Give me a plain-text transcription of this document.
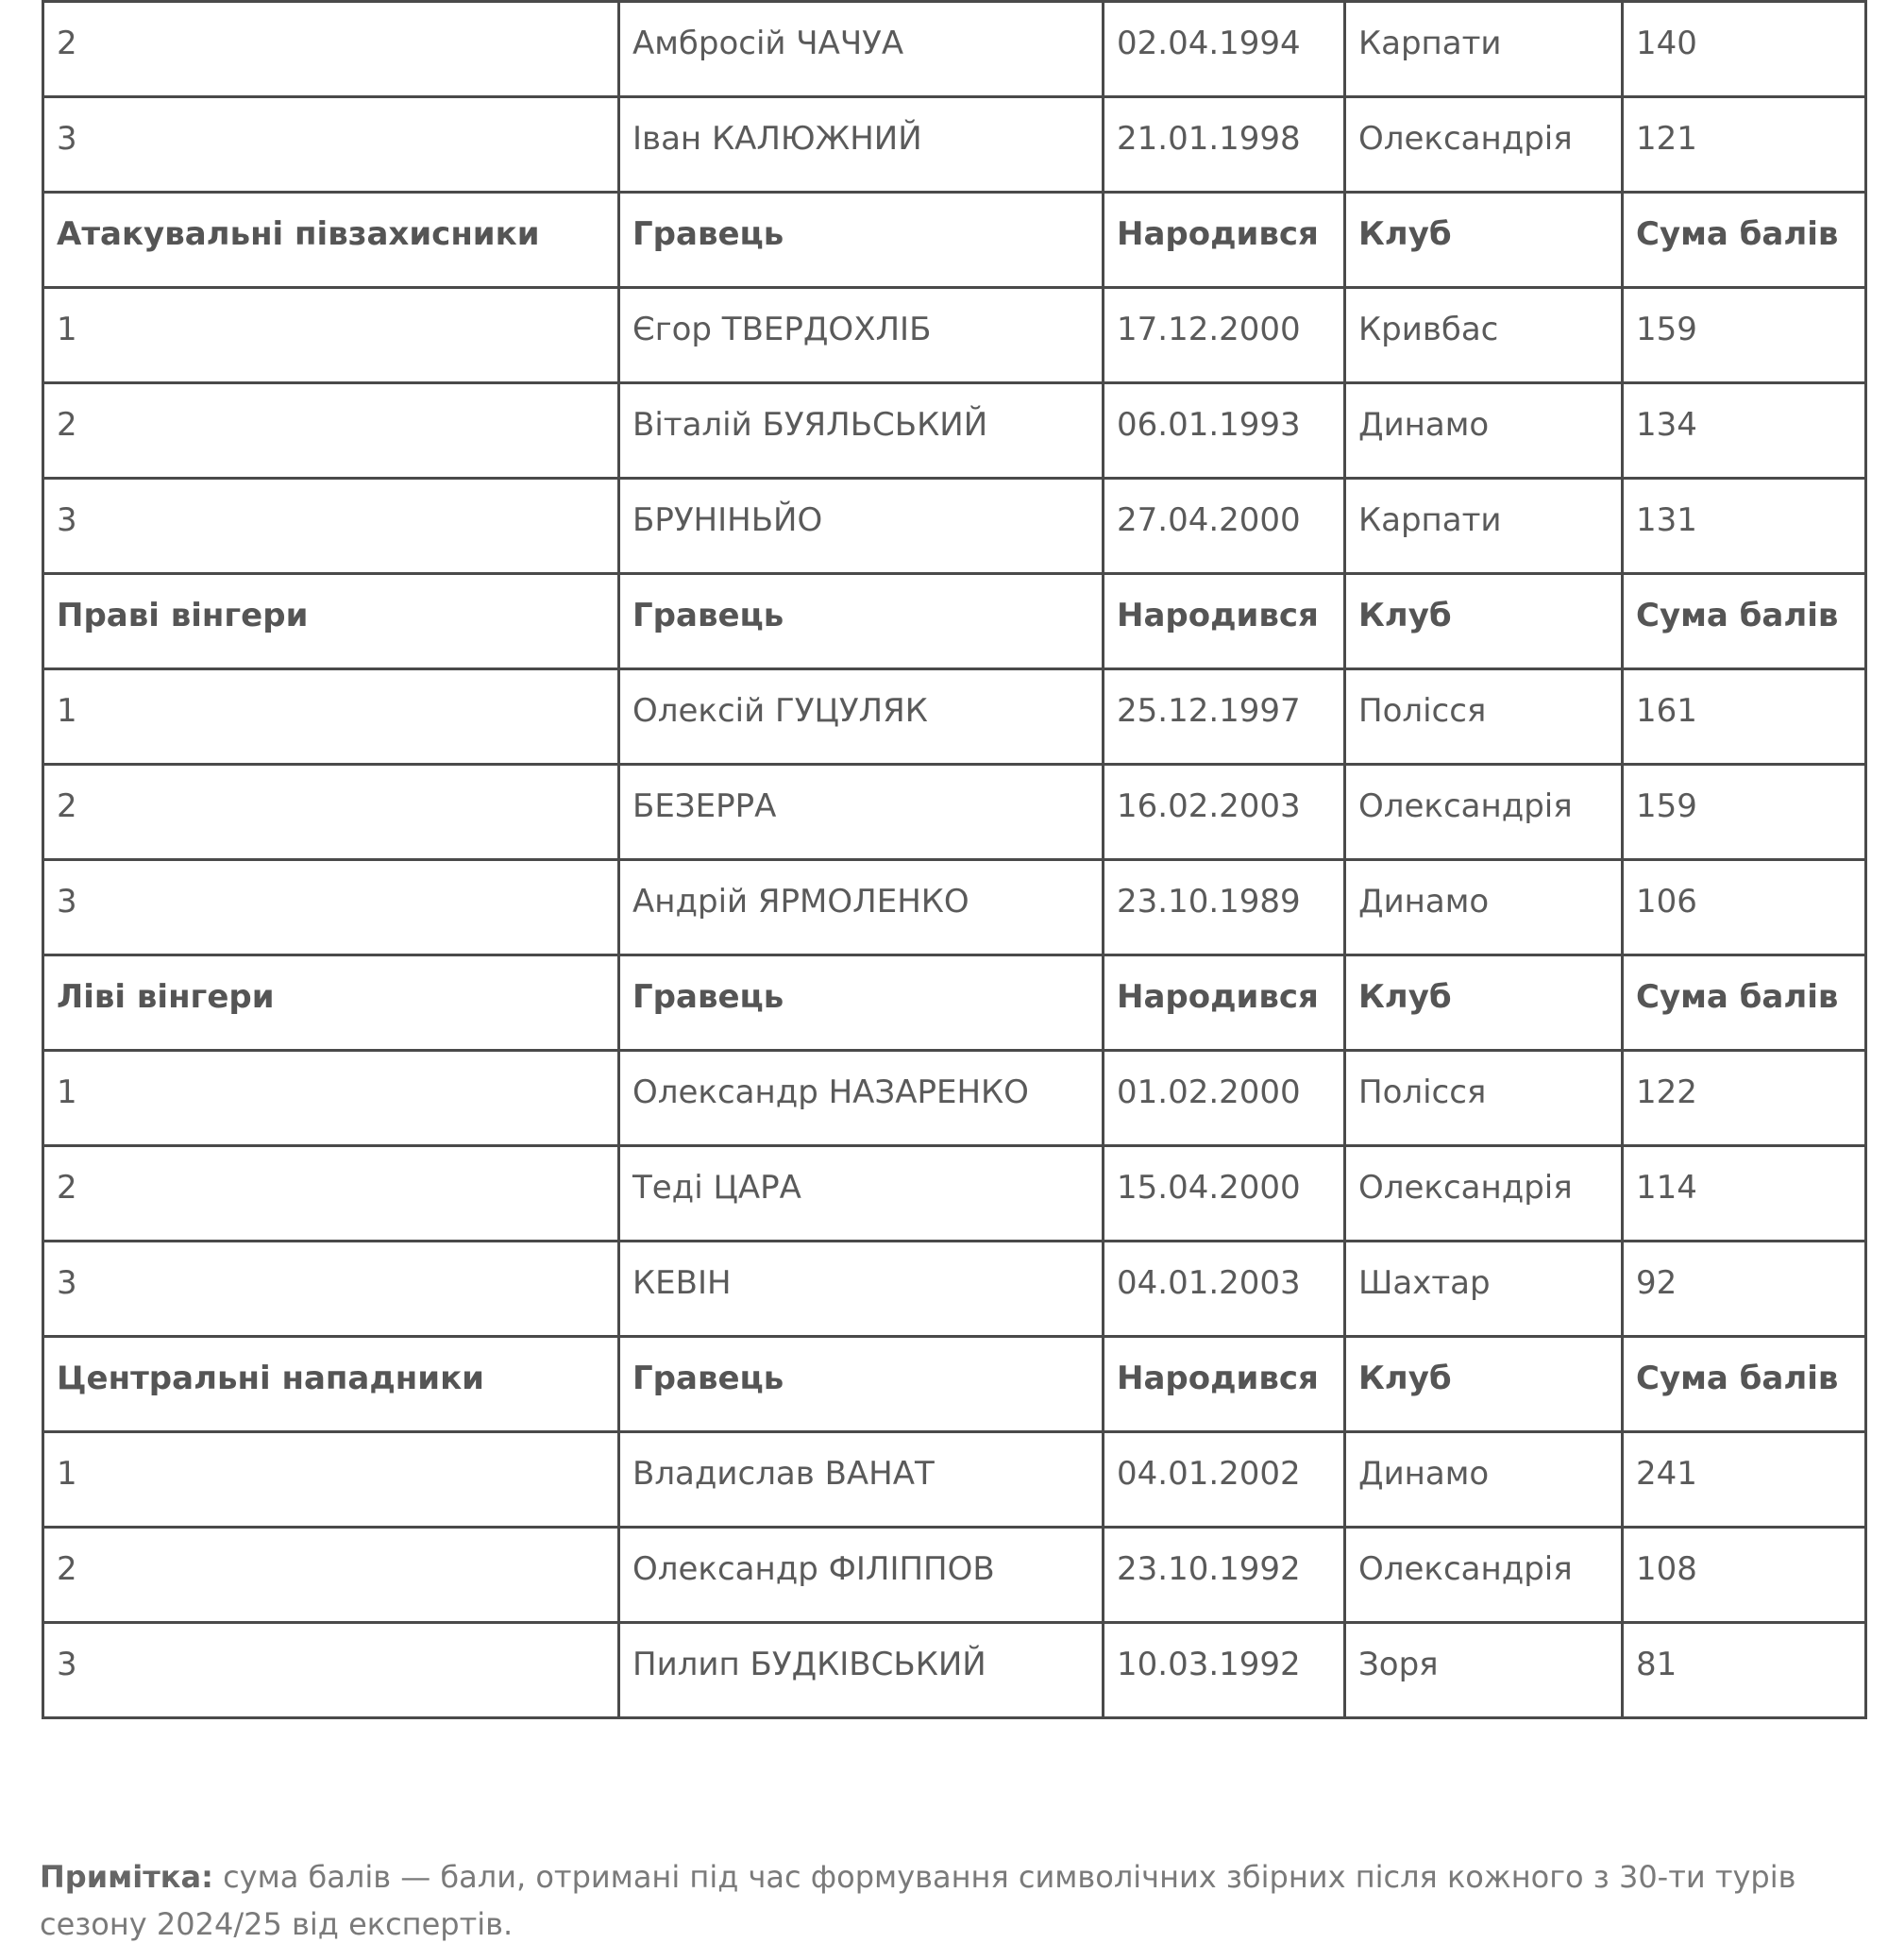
2	Амбросій ЧАЧУА	02.04.1994	Карпати	140
3	Іван КАЛЮЖНИЙ	21.01.1998	Олександрія	121
Атакувальні півзахисники	Гравець	Народився	Клуб	Сума балів
1	Єгор ТВЕРДОХЛІБ	17.12.2000	Кривбас	159
2	Віталій БУЯЛЬСЬКИЙ	06.01.1993	Динамо	134
3	БРУНІНЬЙО	27.04.2000	Карпати	131
Праві вінгери	Гравець	Народився	Клуб	Сума балів
1	Олексій ГУЦУЛЯК	25.12.1997	Полісся	161
2	БЕЗЕРРА	16.02.2003	Олександрія	159
3	Андрій ЯРМОЛЕНКО	23.10.1989	Динамо	106
Ліві вінгери	Гравець	Народився	Клуб	Сума балів
1	Олександр НАЗАРЕНКО	01.02.2000	Полісся	122
2	Теді ЦАРА	15.04.2000	Олександрія	114
3	КЕВІН	04.01.2003	Шахтар	92
Центральні нападники	Гравець	Народився	Клуб	Сума балів
1	Владислав ВАНАТ	04.01.2002	Динамо	241
2	Олександр ФІЛІППОВ	23.10.1992	Олександрія	108
3	Пилип БУДКІВСЬКИЙ	10.03.1992	Зоря	81
Примітка: сума балів — бали, отримані під час формування символічних збірних після кожного з 30-ти турів сезону 2024/25 від експертів.
